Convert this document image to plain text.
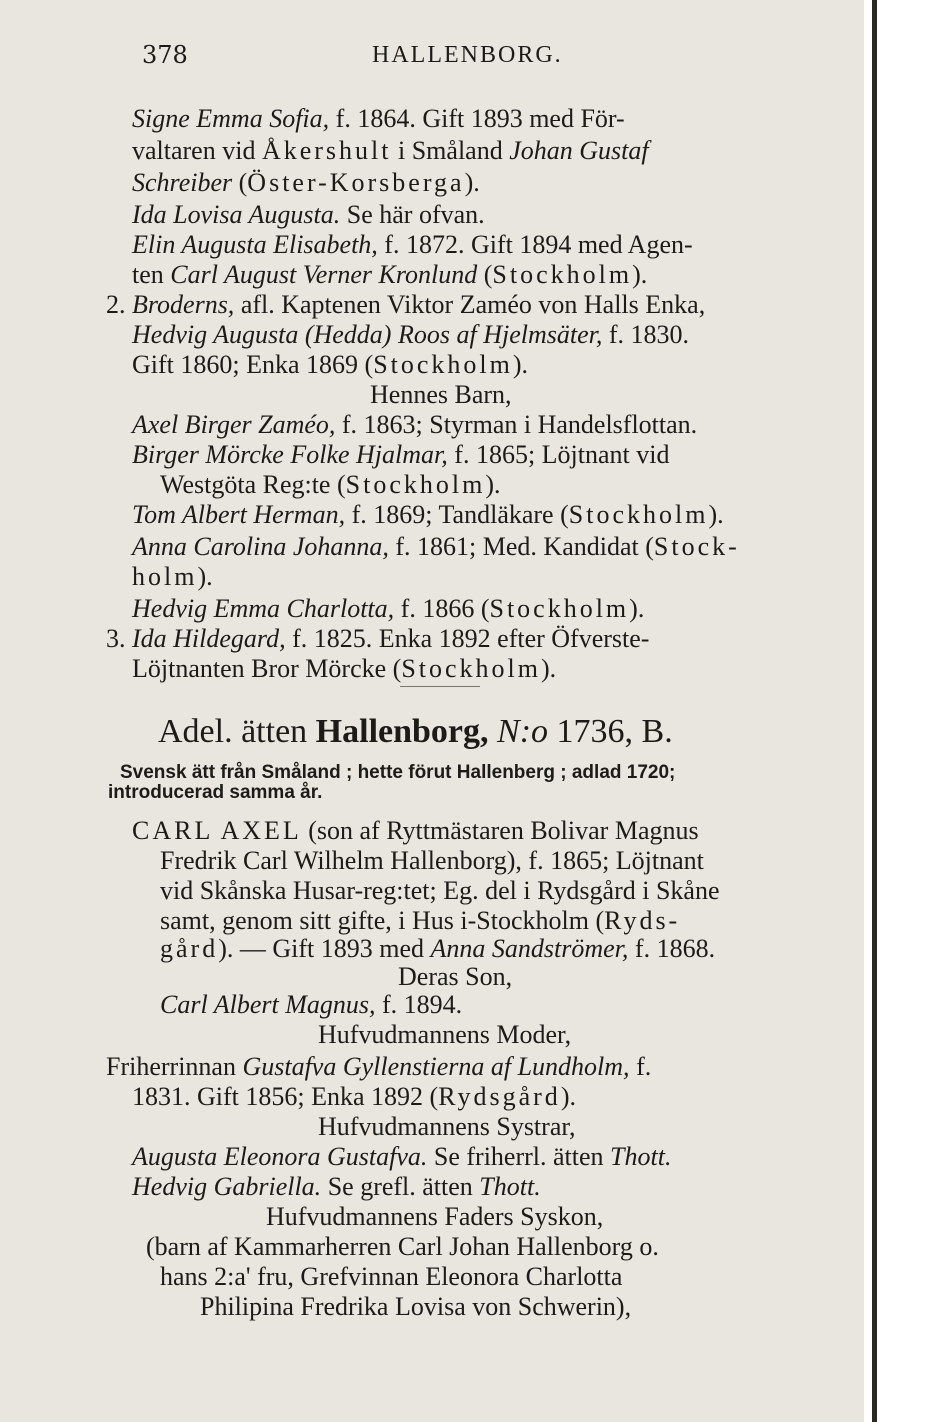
378	HALLENBORG.
Signe Emma Sofia, f. 1864. Gift 1893 med För-
valtaren vid Åkershult i Småland Johan Gustaf
Schreiber (Öster-Korsberga).
Ida Lovisa Augusta. Se här ofvan.
Elin Augusta Elisabeth, f. 1872. Gift 1894 med Agen-
ten Carl August Verner Kronlund (Stockholm).
2. Broderns, afl. Kaptenen Viktor Zaméo von Halls Enka,
Hedvig Augusta (Hedda) Roos af Hjelmsäter, f. 1830.
Gift 1860; Enka 1869 (Stockholm).
Hennes Barn,
Axel Birger Zaméo, f. 1863; Styrman i Handelsflottan.
Birger Mörcke Folke Hjalmar, f. 1865; Löjtnant vid
Westgöta Reg:te (Stockholm).
Tom Albert Herman, f. 1869; Tandläkare (Stockholm).
Anna Carolina Johanna, f. 1861; Med. Kandidat (Stock-
holm).
Hedvig Emma Charlotta, f. 1866 (Stockholm).
3. Ida Hildegard, f. 1825. Enka 1892 efter Öfverste-
Löjtnanten Bror Mörcke (Stockholm).
Adel. ätten Hallenborg, N:o 1736, B.
Svensk ätt från Småland ; hette förut Hallenberg ; adlad 1720;
introducerad samma år.
CARL AXEL (son af Ryttmästaren Bolivar Magnus
Fredrik Carl Wilhelm Hallenborg), f. 1865; Löjtnant
vid Skånska Husar-reg:tet; Eg. del i Rydsgård i Skåne
samt, genom sitt gifte, i Hus i-Stockholm (Ryds-
gård). — Gift 1893 med Anna Sandströmer, f. 1868.
Deras Son,
Carl Albert Magnus, f. 1894.
Hufvudmannens Moder,
Friherrinnan Gustafva Gyllenstierna af Lundholm, f.
1831. Gift 1856; Enka 1892 (Rydsgård).
Hufvudmannens Systrar,
Augusta Eleonora Gustafva. Se friherrl. ätten Thott.
Hedvig Gabriella. Se grefl. ätten Thott.
Hufvudmannens Faders Syskon,
(barn af Kammarherren Carl Johan Hallenborg o.
hans 2:a' fru, Grefvinnan Eleonora Charlotta
Philipina Fredrika Lovisa von Schwerin),
